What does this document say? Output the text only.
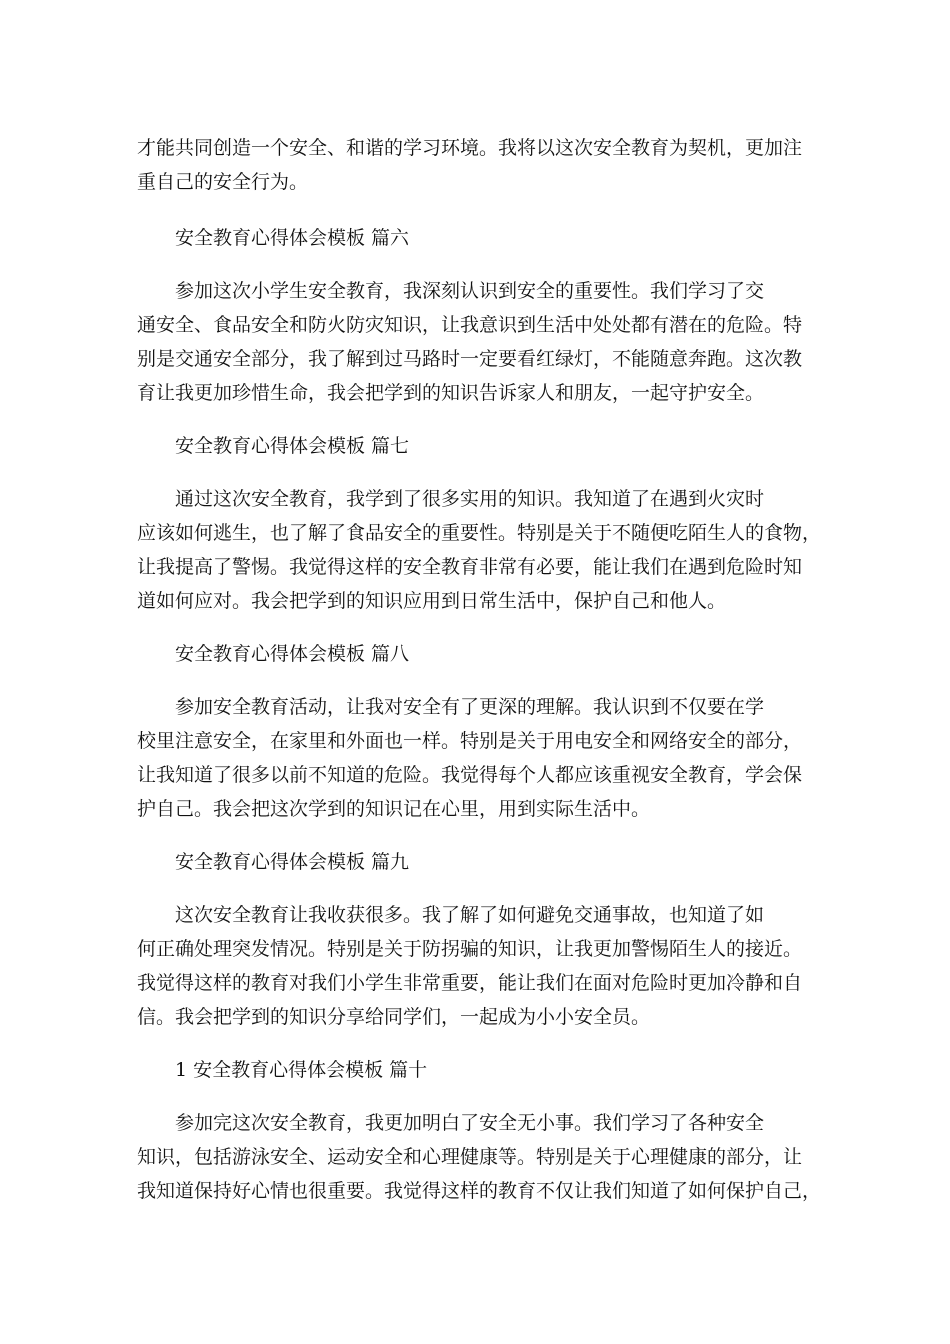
才能共同创造一个安全、和谐的学习环境。我将以这次安全教育为契机，更加注
重自己的安全行为。
安全教育心得体会模板 篇六
　　参加这次小学生安全教育，我深刻认识到安全的重要性。我们学习了交
通安全、食品安全和防火防灾知识，让我意识到生活中处处都有潜在的危险。特
别是交通安全部分，我了解到过马路时一定要看红绿灯，不能随意奔跑。这次教
育让我更加珍惜生命，我会把学到的知识告诉家人和朋友，一起守护安全。
安全教育心得体会模板 篇七
　　通过这次安全教育，我学到了很多实用的知识。我知道了在遇到火灾时
应该如何逃生，也了解了食品安全的重要性。特别是关于不随便吃陌生人的食物，
让我提高了警惕。我觉得这样的安全教育非常有必要，能让我们在遇到危险时知
道如何应对。我会把学到的知识应用到日常生活中，保护自己和他人。
安全教育心得体会模板 篇八
　　参加安全教育活动，让我对安全有了更深的理解。我认识到不仅要在学
校里注意安全，在家里和外面也一样。特别是关于用电安全和网络安全的部分，
让我知道了很多以前不知道的危险。我觉得每个人都应该重视安全教育，学会保
护自己。我会把这次学到的知识记在心里，用到实际生活中。
安全教育心得体会模板 篇九
　　这次安全教育让我收获很多。我了解了如何避免交通事故，也知道了如
何正确处理突发情况。特别是关于防拐骗的知识，让我更加警惕陌生人的接近。
我觉得这样的教育对我们小学生非常重要，能让我们在面对危险时更加冷静和自
信。我会把学到的知识分享给同学们，一起成为小小安全员。
1 安全教育心得体会模板 篇十
　　参加完这次安全教育，我更加明白了安全无小事。我们学习了各种安全
知识，包括游泳安全、运动安全和心理健康等。特别是关于心理健康的部分，让
我知道保持好心情也很重要。我觉得这样的教育不仅让我们知道了如何保护自己，
